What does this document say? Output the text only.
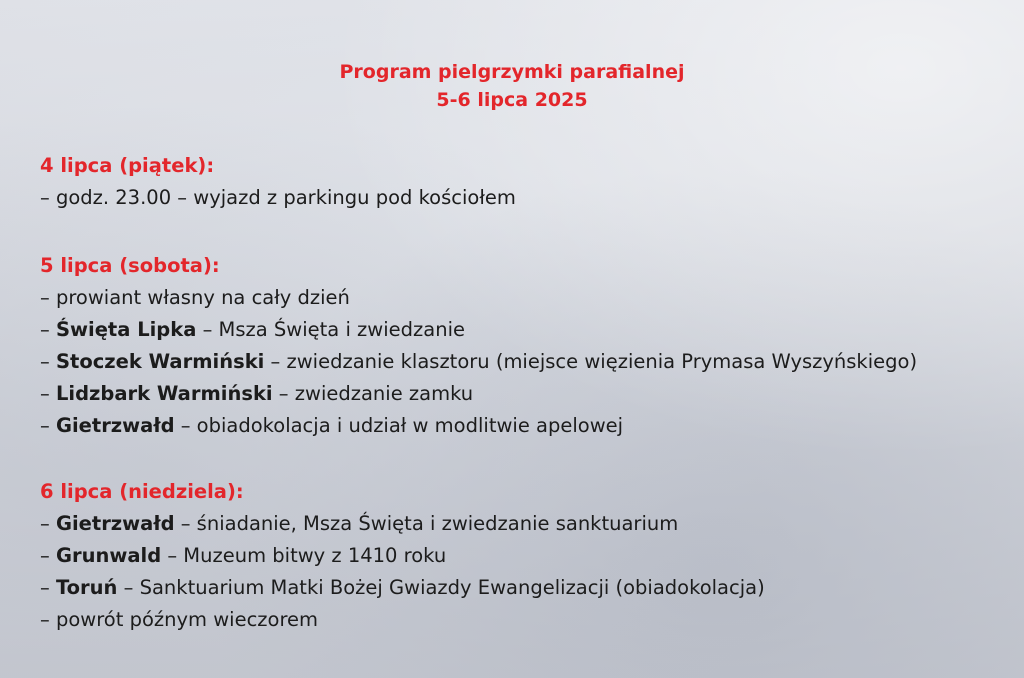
Program pielgrzymki parafialnej
5-6 lipca 2025
4 lipca (piątek):
– godz. 23.00 – wyjazd z parkingu pod kościołem
5 lipca (sobota):
– prowiant własny na cały dzień
– Święta Lipka – Msza Święta i zwiedzanie
– Stoczek Warmiński – zwiedzanie klasztoru (miejsce więzienia Prymasa Wyszyńskiego)
– Lidzbark Warmiński – zwiedzanie zamku
– Gietrzwałd – obiadokolacja i udział w modlitwie apelowej
6 lipca (niedziela):
– Gietrzwałd – śniadanie, Msza Święta i zwiedzanie sanktuarium
– Grunwald – Muzeum bitwy z 1410 roku
– Toruń – Sanktuarium Matki Bożej Gwiazdy Ewangelizacji (obiadokolacja)
– powrót późnym wieczorem
